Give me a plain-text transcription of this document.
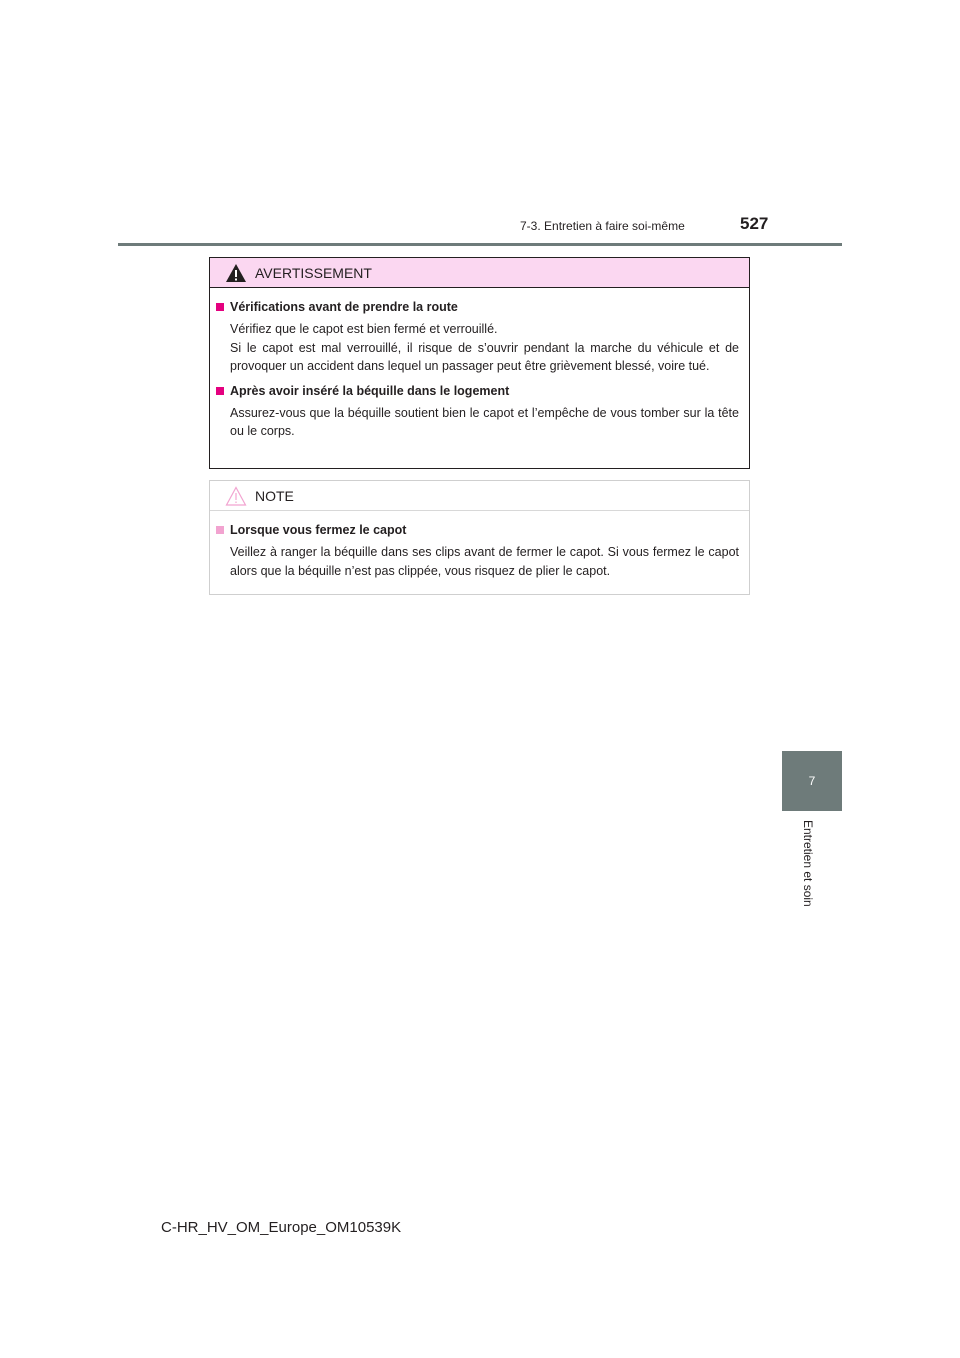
7-3. Entretien à faire soi-même	527
7
Entretien et soin
AVERTISSEMENT
Vérifications avant de prendre la route
Vérifiez que le capot est bien fermé et verrouillé.
Si le capot est mal verrouillé, il risque de s’ouvrir pendant la marche du véhicule et de provoquer un accident dans lequel un passager peut être grièvement blessé, voire tué.
Après avoir inséré la béquille dans le logement
Assurez-vous que la béquille soutient bien le capot et l’empêche de vous tomber sur la tête ou le corps.
NOTE
Lorsque vous fermez le capot
Veillez à ranger la béquille dans ses clips avant de fermer le capot. Si vous fermez le capot alors que la béquille n’est pas clippée, vous risquez de plier le capot.
C-HR_HV_OM_Europe_OM10539K
